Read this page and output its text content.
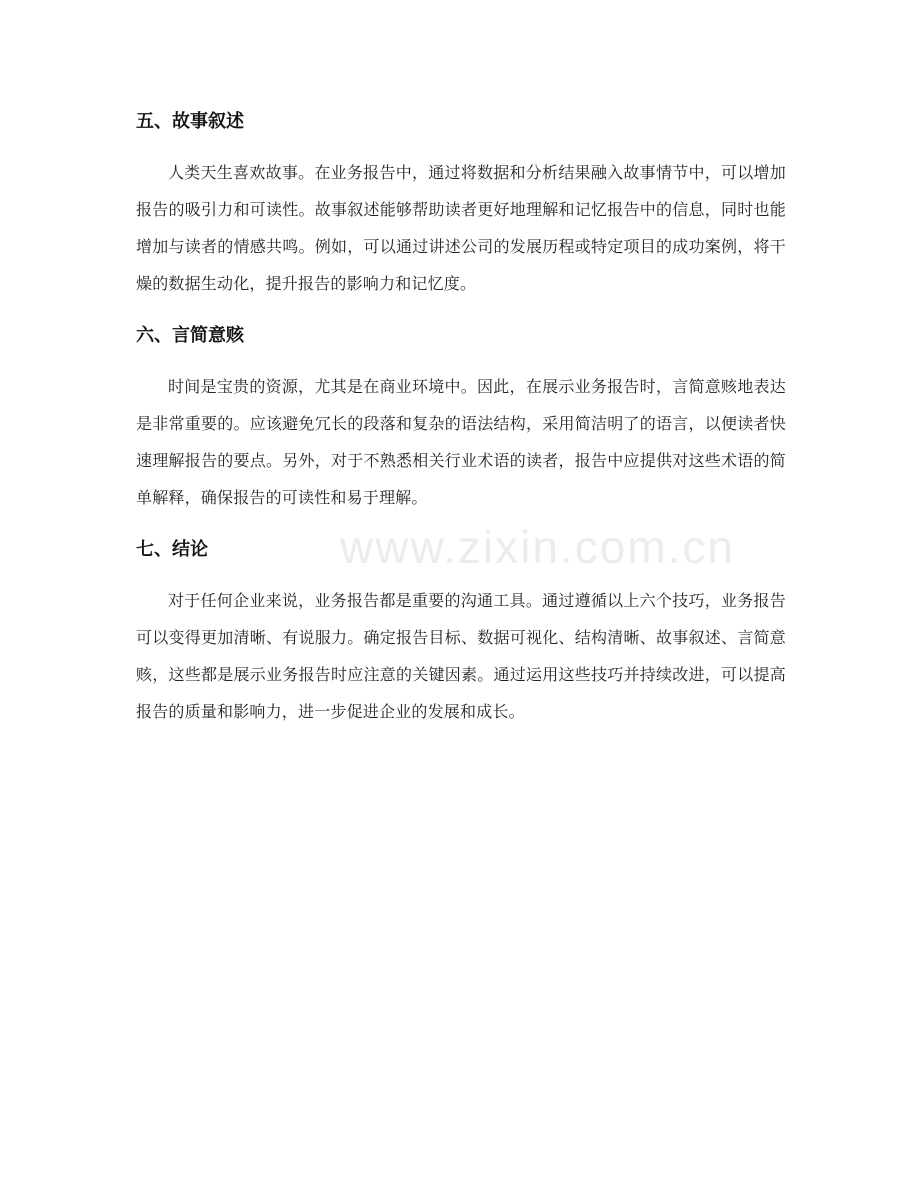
www.zixin.com.cn
五、故事叙述

人类天生喜欢故事。在业务报告中，通过将数据和分析结果融入故事情节中，可以增加报告的吸引力和可读性。故事叙述能够帮助读者更好地理解和记忆报告中的信息，同时也能增加与读者的情感共鸣。例如，可以通过讲述公司的发展历程或特定项目的成功案例，将干燥的数据生动化，提升报告的影响力和记忆度。

六、言简意赅

时间是宝贵的资源，尤其是在商业环境中。因此，在展示业务报告时，言简意赅地表达是非常重要的。应该避免冗长的段落和复杂的语法结构，采用简洁明了的语言，以便读者快速理解报告的要点。另外，对于不熟悉相关行业术语的读者，报告中应提供对这些术语的简单解释，确保报告的可读性和易于理解。

七、结论

对于任何企业来说，业务报告都是重要的沟通工具。通过遵循以上六个技巧，业务报告可以变得更加清晰、有说服力。确定报告目标、数据可视化、结构清晰、故事叙述、言简意赅，这些都是展示业务报告时应注意的关键因素。通过运用这些技巧并持续改进，可以提高报告的质量和影响力，进一步促进企业的发展和成长。
